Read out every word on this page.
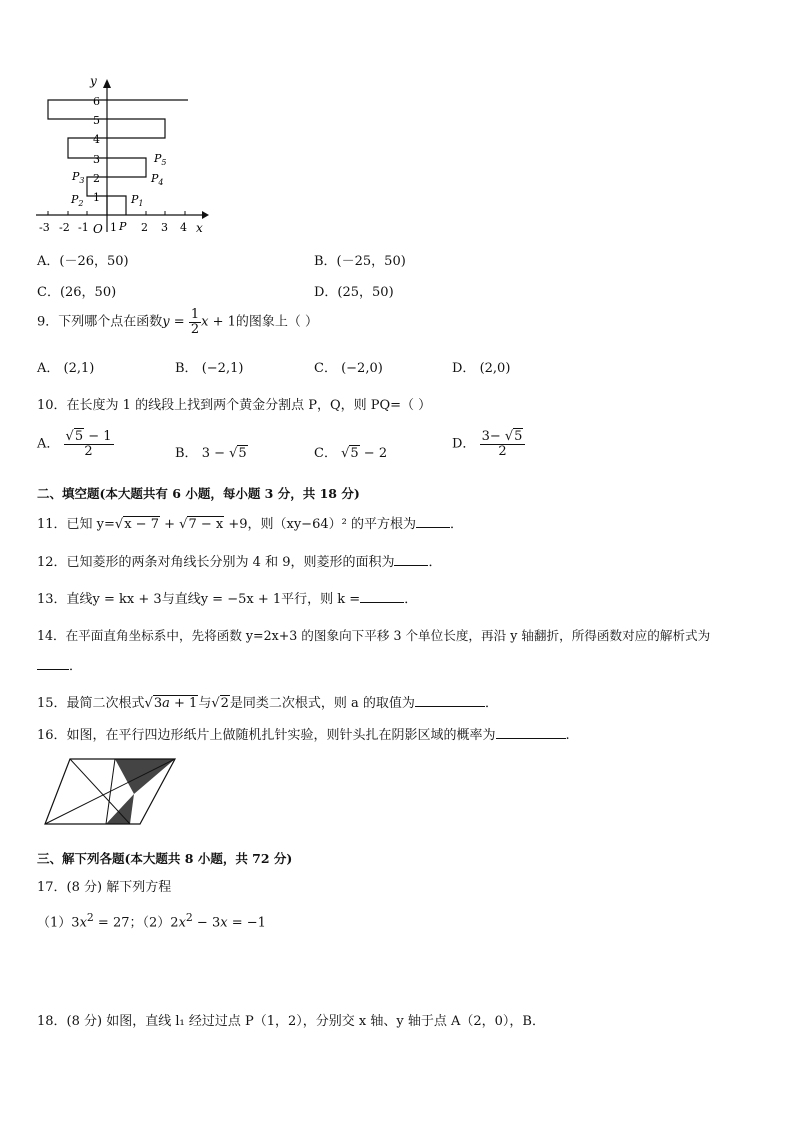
y
x
6
5
4
3
2
1
-3 -2 -1 O 1 P 2 3 4
$P_1$
$P_2$
$P_3$	$P_4$
$P_5$
A．(－26，50)	B．(－25，50)
C．(26，50)	D．(25，50)
9．下列哪个点在函数$y = \frac{1}{2}$ x + 1的图象上（ ）
A． (2,1)	B． (−2,1)	C． (−2,0)	D． (2,0)
10．在长度为 1 的线段上找到两个黄金分割点 P，Q，则 PQ=（ ）
A． $\frac{√5 - 1}{2}$	B． 3 − √5	C． √5 − 2
D． $\frac{3- √5}{2}$
二、填空题(本大题共有 6 小题，每小题 3 分，共 18 分)
11．已知 y=√x − 7 + √7 − x +9，则（xy−64）² 的平方根为	．
12．已知菱形的两条对角线长分别为 4 和 9，则菱形的面积为	．
13．直线y = kx + 3与直线y = −5x + 1平行，则 k =	．
14．在平面直角坐标系中，先将函数 y=2x+3 的图象向下平移 3 个单位长度，再沿 y 轴翻折，所得函数对应的解析式为
．
15．最简二次根式√3a + 1与√2是同类二次根式，则 a 的取值为	．
16．如图，在平行四边形纸片上做随机扎针实验，则针头扎在阴影区域的概率为	.
三、解下列各题(本大题共 8 小题，共 72 分)
17．(8 分) 解下列方程
$(1)3x^2 = 27$；$(2)2x^2 - 3x = -1$
18．(8 分) 如图，直线 l₁ 经过过点 P（1，2），分别交 x 轴、y 轴于点 A（2，0），B．
